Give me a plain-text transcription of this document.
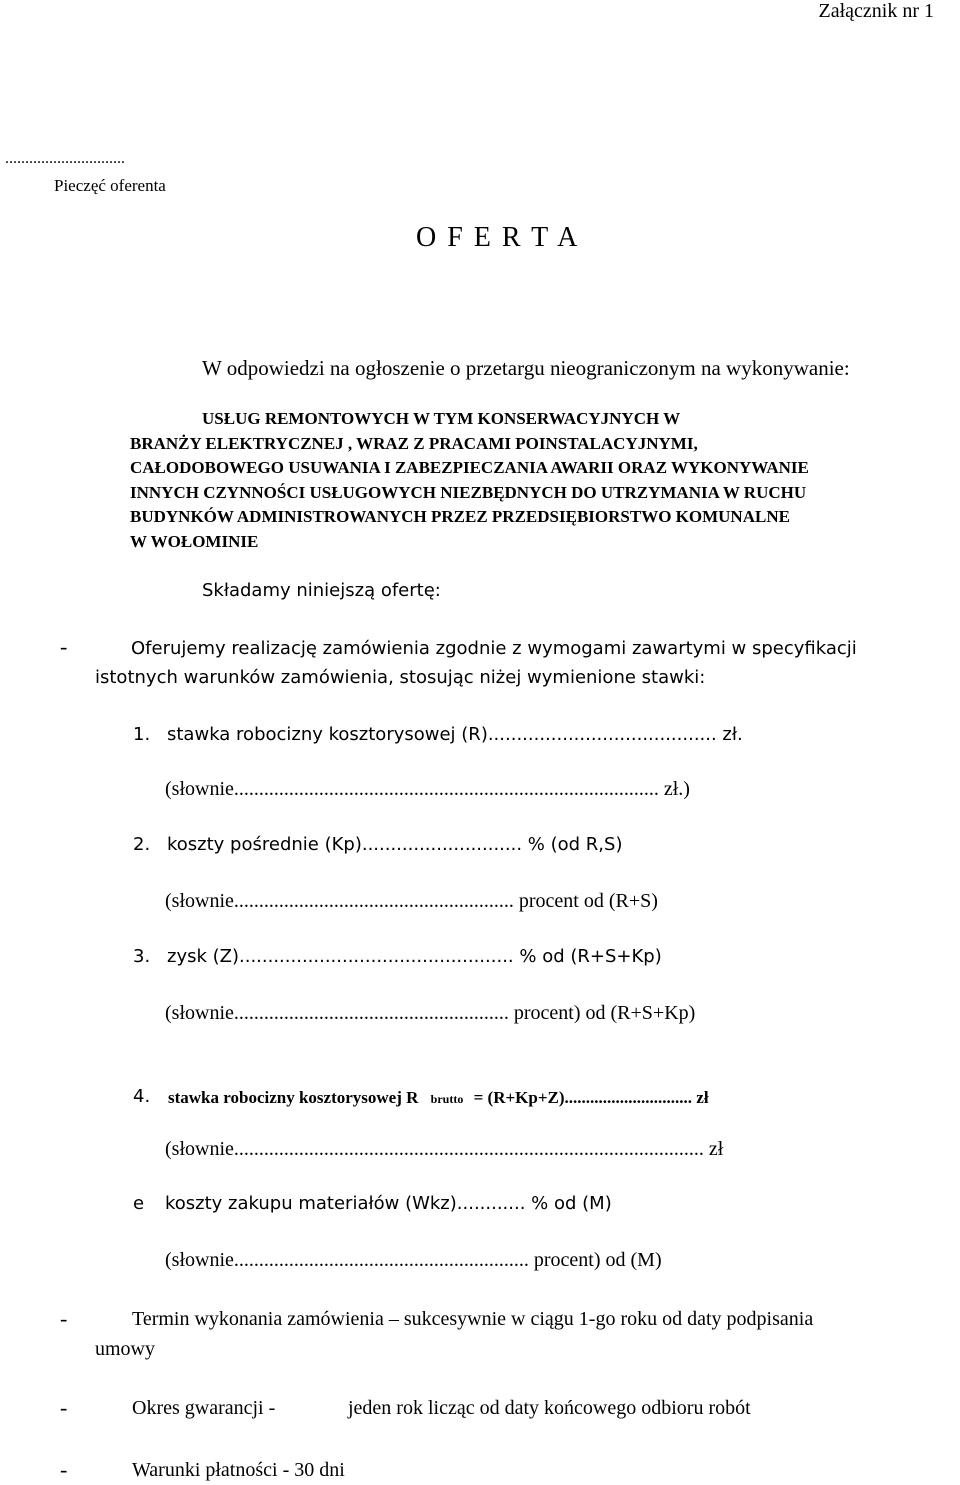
Załącznik nr 1
..............................
Pieczęć oferenta
O F E R T A
W odpowiedzi na ogłoszenie o przetargu nieograniczonym na wykonywanie:
USŁUG REMONTOWYCH W TYM KONSERWACYJNYCH W
BRANŻY ELEKTRYCZNEJ , WRAZ Z PRACAMI POINSTALACYJNYMI,
CAŁODOBOWEGO USUWANIA I ZABEZPIECZANIA AWARII ORAZ WYKONYWANIE
INNYCH CZYNNOŚCI USŁUGOWYCH NIEZBĘDNYCH DO UTRZYMANIA W RUCHU
BUDYNKÓW ADMINISTROWANYCH PRZEZ PRZEDSIĘBIORSTWO KOMUNALNE
W WOŁOMINIE
Składamy niniejszą ofertę:
-	Oferujemy realizację zamówienia zgodnie z wymogami zawartymi w specyfikacji
istotnych warunków zamówienia, stosując niżej wymienione stawki:
1. stawka robocizny kosztorysowej (R)........................................ zł.
(słownie..................................................................................... zł.)
2. koszty pośrednie (Kp)............................ % (od R,S)
(słownie........................................................ procent od (R+S)
3. zysk (Z)................................................ % od (R+S+Kp)
(słownie....................................................... procent) od (R+S+Kp)
4. stawka robocizny kosztorysowej R brutto = (R+Kp+Z).............................. zł
(słownie.............................................................................................. zł
e koszty zakupu materiałów (Wkz)............ % od (M)
(słownie........................................................... procent) od (M)
-	Termin wykonania zamówienia – sukcesywnie w ciągu 1-go roku od daty podpisania
umowy
-	Okres gwarancji -	jeden rok licząc od daty końcowego odbioru robót
-	Warunki płatności - 30 dni
